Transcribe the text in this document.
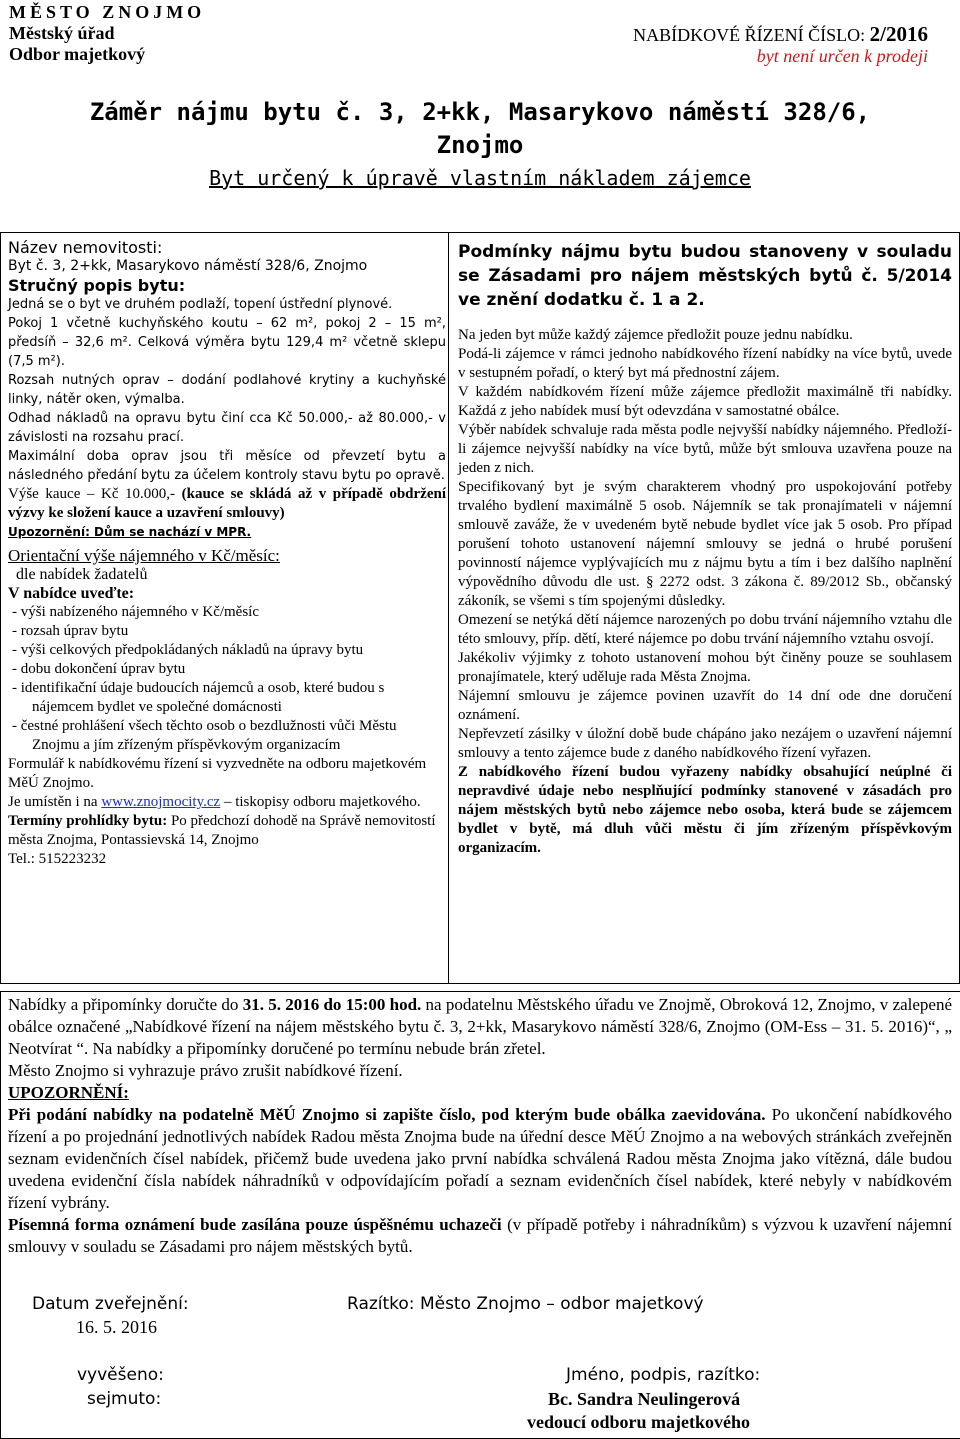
MĚSTO ZNOJMO
Městský úřad
Odbor majetkový
NABÍDKOVÉ ŘÍZENÍ ČÍSLO: 2/2016
byt není určen k prodeji
Záměr nájmu bytu č. 3, 2+kk, Masarykovo náměstí 328/6,
Znojmo
Byt určený k úpravě vlastním nákladem zájemce

Název nemovitosti:

Byt č. 3, 2+kk, Masarykovo náměstí 328/6, Znojmo

Stručný popis bytu:

Jedná se o byt ve druhém podlaží, topení ústřední plynové.

Pokoj 1 včetně kuchyňského koutu – 62 m², pokoj 2 – 15 m², předsíň – 32,6 m². Celková výměra bytu 129,4 m² včetně sklepu (7,5 m²).

Rozsah nutných oprav – dodání podlahové krytiny a kuchyňské linky, nátěr oken, výmalba.

Odhad nákladů na opravu bytu činí cca Kč 50.000,- až 80.000,- v závislosti na rozsahu prací.

Maximální doba oprav jsou tři měsíce od převzetí bytu a následného předání bytu za účelem kontroly stavu bytu po opravě.

Výše kauce – Kč 10.000,- (kauce se skládá až v případě obdržení výzvy ke složení kauce a uzavření smlouvy)

Upozornění: Dům se nachází v MPR.

Orientační výše nájemného v Kč/měsíc:

dle nabídek žadatelů

V nabídce uveďte:

- výši nabízeného nájemného v Kč/měsíc
- rozsah úprav bytu
- výši celkových předpokládaných nákladů na úpravy bytu
- dobu dokončení úprav bytu
- identifikační údaje budoucích nájemců a osob, které budou s nájemcem bydlet ve společné domácnosti
- čestné prohlášení všech těchto osob o bezdlužnosti vůči Městu Znojmu a jím zřízeným příspěvkovým organizacím

Formulář k nabídkovému řízení si vyzvedněte na odboru majetkovém MěÚ Znojmo.

Je umístěn i na www.znojmocity.cz – tiskopisy odboru majetkového.

Termíny prohlídky bytu: Po předchozí dohodě na Správě nemovitostí města Znojma, Pontassievská 14, Znojmo

Tel.: 515223232

Podmínky nájmu bytu budou stanoveny v souladu se Zásadami pro nájem městských bytů č. 5/2014 ve znění dodatku č. 1 a 2.

Na jeden byt může každý zájemce předložit pouze jednu nabídku.

Podá-li zájemce v rámci jednoho nabídkového řízení nabídky na více bytů, uvede v sestupném pořadí, o který byt má přednostní zájem.

V každém nabídkovém řízení může zájemce předložit maximálně tři nabídky. Každá z jeho nabídek musí být odevzdána v samostatné obálce.

Výběr nabídek schvaluje rada města podle nejvyšší nabídky nájemného. Předloží-li zájemce nejvyšší nabídky na více bytů, může být smlouva uzavřena pouze na jeden z nich.

Specifikovaný byt je svým charakterem vhodný pro uspokojování potřeby trvalého bydlení maximálně 5 osob. Nájemník se tak pronajímateli v nájemní smlouvě zaváže, že v uvedeném bytě nebude bydlet více jak 5 osob. Pro případ porušení tohoto ustanovení nájemní smlouvy se jedná o hrubé porušení povinností nájemce vyplývajících mu z nájmu bytu a tím i bez dalšího naplnění výpovědního důvodu dle ust. § 2272 odst. 3 zákona č. 89/2012 Sb., občanský zákoník, se všemi s tím spojenými důsledky.

Omezení se netýká dětí nájemce narozených po dobu trvání nájemního vztahu dle této smlouvy, příp. dětí, které nájemce po dobu trvání nájemního vztahu osvojí.

Jakékoliv výjimky z tohoto ustanovení mohou být činěny pouze se souhlasem pronajímatele, který uděluje rada Města Znojma.

Nájemní smlouvu je zájemce povinen uzavřít do 14 dní ode dne doručení oznámení.

Nepřevzetí zásilky v úložní době bude chápáno jako nezájem o uzavření nájemní smlouvy a tento zájemce bude z daného nabídkového řízení vyřazen.

Z nabídkového řízení budou vyřazeny nabídky obsahující neúplné či nepravdivé údaje nebo nesplňující podmínky stanovené v zásadách pro nájem městských bytů nebo zájemce nebo osoba, která bude se zájemcem bydlet v bytě, má dluh vůči městu či jím zřízeným příspěvkovým organizacím.

Nabídky a připomínky doručte do 31. 5. 2016 do 15:00 hod. na podatelnu Městského úřadu ve Znojmě, Obroková 12, Znojmo, v zalepené obálce označené „Nabídkové řízení na nájem městského bytu č. 3, 2+kk, Masarykovo náměstí 328/6, Znojmo (OM-Ess – 31. 5. 2016)“, „ Neotvírat “. Na nabídky a připomínky doručené po termínu nebude brán zřetel.

Město Znojmo si vyhrazuje právo zrušit nabídkové řízení.

UPOZORNĚNÍ:

Při podání nabídky na podatelně MěÚ Znojmo si zapište číslo, pod kterým bude obálka zaevidována. Po ukončení nabídkového řízení a po projednání jednotlivých nabídek Radou města Znojma bude na úřední desce MěÚ Znojmo a na webových stránkách zveřejněn seznam evidenčních čísel nabídek, přičemž bude uvedena jako první nabídka schválená Radou města Znojma jako vítězná, dále budou uvedena evidenční čísla nabídek náhradníků v odpovídajícím pořadí a seznam evidenčních čísel nabídek, které nebyly v nabídkovém řízení vybrány.

Písemná forma oznámení bude zasílána pouze úspěšnému uchazeči (v případě potřeby i náhradníkům) s výzvou k uzavření nájemní smlouvy v souladu se Zásadami pro nájem městských bytů.

Datum zveřejnění:
16. 5. 2016
Razítko: Město Znojmo – odbor majetkový
vyvěšeno:
sejmuto:
Jméno, podpis, razítko:
Bc. Sandra Neulingerová
vedoucí odboru majetkového
